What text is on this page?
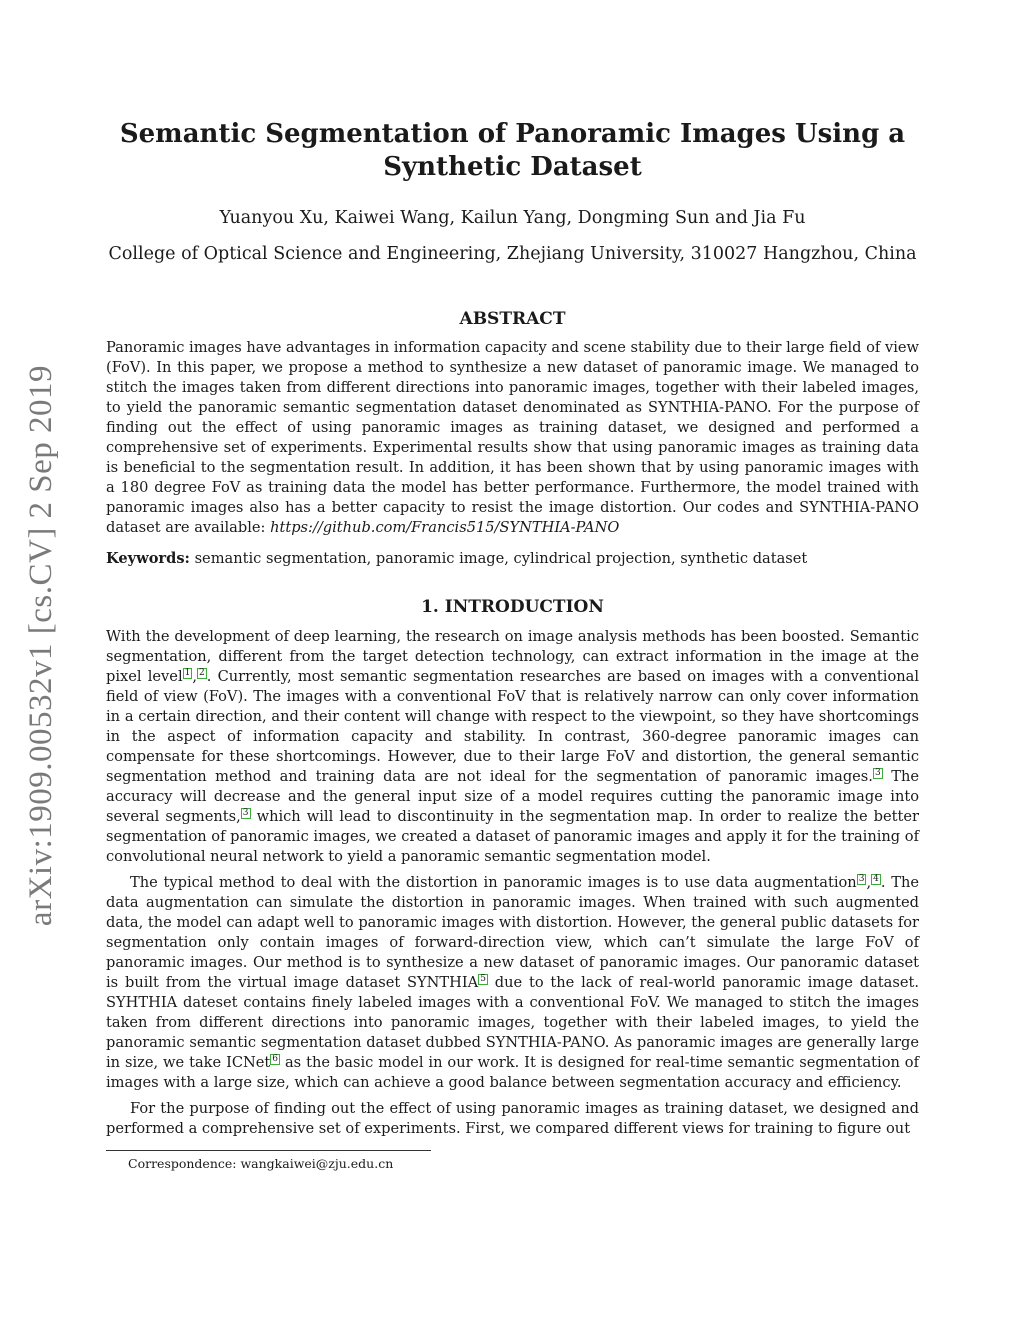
arXiv:1909.00532v1 [cs.CV] 2 Sep 2019
Semantic Segmentation of Panoramic Images Using a
Synthetic Dataset
Yuanyou Xu, Kaiwei Wang, Kailun Yang, Dongming Sun and Jia Fu
College of Optical Science and Engineering, Zhejiang University, 310027 Hangzhou, China
ABSTRACT

Panoramic images have advantages in information capacity and scene stability due to their large field of view (FoV). In this paper, we propose a method to synthesize a new dataset of panoramic image. We managed to stitch the images taken from different directions into panoramic images, together with their labeled images, to yield the panoramic semantic segmentation dataset denominated as SYNTHIA-PANO. For the purpose of finding out the effect of using panoramic images as training dataset, we designed and performed a comprehensive set of experiments. Experimental results show that using panoramic images as training data is beneficial to the segmentation result. In addition, it has been shown that by using panoramic images with a 180 degree FoV as training data the model has better performance. Furthermore, the model trained with panoramic images also has a better capacity to resist the image distortion. Our codes and SYNTHIA-PANO dataset are available: https://github.com/Francis515/SYNTHIA-PANO

Keywords: semantic segmentation, panoramic image, cylindrical projection, synthetic dataset

1. INTRODUCTION

With the development of deep learning, the research on image analysis methods has been boosted. Semantic segmentation, different from the target detection technology, can extract information in the image at the pixel level 1 , 2 . Currently, most semantic segmentation researches are based on images with a conventional field of view (FoV). The images with a conventional FoV that is relatively narrow can only cover information in a certain direction, and their content will change with respect to the viewpoint, so they have shortcomings in the aspect of information capacity and stability. In contrast, 360-degree panoramic images can compensate for these shortcomings. However, due to their large FoV and distortion, the general semantic segmentation method and training data are not ideal for the segmentation of panoramic images. 3 The accuracy will decrease and the general input size of a model requires cutting the panoramic image into several segments, 3 which will lead to discontinuity in the segmentation map. In order to realize the better segmentation of panoramic images, we created a dataset of panoramic images and apply it for the training of convolutional neural network to yield a panoramic semantic segmentation model.

The typical method to deal with the distortion in panoramic images is to use data augmentation 3 , 4 . The data augmentation can simulate the distortion in panoramic images. When trained with such augmented data, the model can adapt well to panoramic images with distortion. However, the general public datasets for segmentation only contain images of forward-direction view, which can’t simulate the large FoV of panoramic images. Our method is to synthesize a new dataset of panoramic images. Our panoramic dataset is built from the virtual image dataset SYNTHIA 5 due to the lack of real-world panoramic image dataset. SYHTHIA dateset contains finely labeled images with a conventional FoV. We managed to stitch the images taken from different directions into panoramic images, together with their labeled images, to yield the panoramic semantic segmentation dataset dubbed SYNTHIA-PANO. As panoramic images are generally large in size, we take ICNet 6 as the basic model in our work. It is designed for real-time semantic segmentation of images with a large size, which can achieve a good balance between segmentation accuracy and efficiency.

For the purpose of finding out the effect of using panoramic images as training dataset, we designed and performed a comprehensive set of experiments. First, we compared different views for training to figure out

Correspondence: wangkaiwei@zju.edu.cn
